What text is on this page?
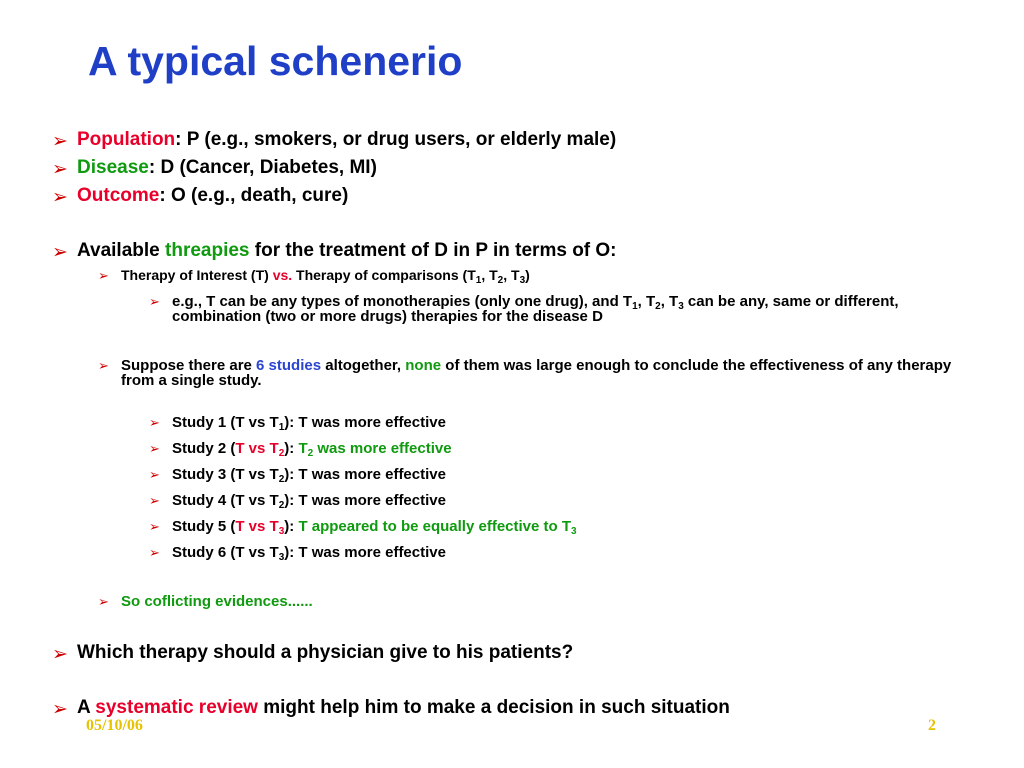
A typical schenerio
➢ Population: P (e.g., smokers, or drug users, or elderly male)
➢ Disease: D (Cancer, Diabetes, MI)
➢ Outcome: O (e.g., death, cure)
➢ Available threapies for the treatment of D in P in terms of O:
➢ Therapy of Interest (T) vs. Therapy of comparisons ($T_1$, $T_2$, $T_3$)
➢ e.g., T can be any types of monotherapies (only one drug), and $T_1$, $T_2$, $T_3$ can be any, same or different, combination (two or more drugs) therapies for the disease D
➢ Suppose there are 6 studies altogether, none of them was large enough to conclude the effectiveness of any therapy from a single study.
➢ Study 1 (T vs $T_1$): T was more effective
➢ Study 2 (T vs $T_2$): $T_2$ was more effective
➢ Study 3 (T vs $T_2$): T was more effective
➢ Study 4 (T vs $T_2$): T was more effective
➢ Study 5 (T vs $T_3$): T appeared to be equally effective to $T_3$
➢ Study 6 (T vs $T_3$): T was more effective
➢ So coflicting evidences......
➢ Which therapy should a physician give to his patients?
➢ A systematic review might help him to make a decision in such situation
05/10/06	2
